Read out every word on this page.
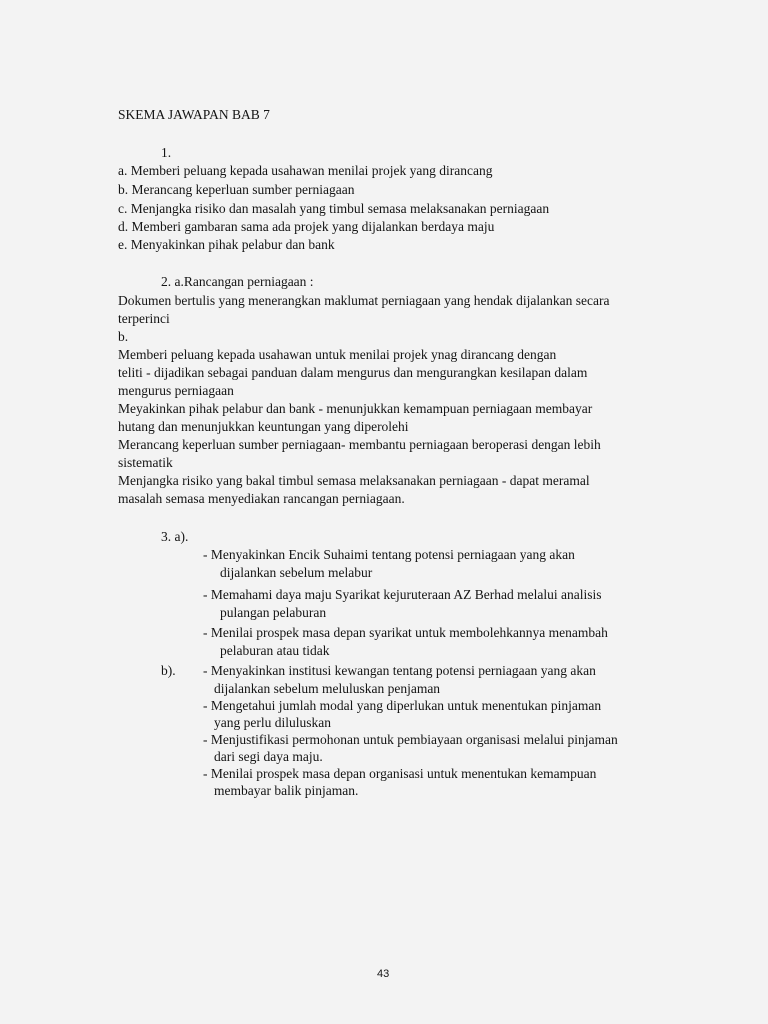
SKEMA JAWAPAN BAB 7
1.
a. Memberi peluang kepada usahawan menilai projek yang dirancang
b. Merancang keperluan sumber perniagaan
c. Menjangka risiko dan masalah yang timbul semasa melaksanakan perniagaan
d. Memberi gambaran sama ada projek yang dijalankan berdaya maju
e. Menyakinkan pihak pelabur dan bank
2. a.Rancangan perniagaan :
Dokumen bertulis yang menerangkan maklumat perniagaan yang hendak dijalankan secara
terperinci
b.
Memberi peluang kepada usahawan untuk menilai projek ynag dirancang dengan
teliti - dijadikan sebagai panduan dalam mengurus dan mengurangkan kesilapan dalam
mengurus perniagaan
Meyakinkan pihak pelabur dan bank - menunjukkan kemampuan perniagaan membayar
hutang dan menunjukkan keuntungan yang diperolehi
Merancang keperluan sumber perniagaan- membantu perniagaan beroperasi dengan lebih
sistematik
Menjangka risiko yang bakal timbul semasa melaksanakan perniagaan - dapat meramal
masalah semasa menyediakan rancangan perniagaan.
3. a).
- Menyakinkan Encik Suhaimi tentang potensi perniagaan yang akan
dijalankan sebelum melabur
- Memahami daya maju Syarikat kejuruteraan AZ Berhad melalui analisis
pulangan pelaburan
- Menilai prospek masa depan syarikat untuk membolehkannya menambah
pelaburan atau tidak
b). - Menyakinkan institusi kewangan tentang potensi perniagaan yang akan
dijalankan sebelum meluluskan penjaman
- Mengetahui jumlah modal yang diperlukan untuk menentukan pinjaman
yang perlu diluluskan
- Menjustifikasi permohonan untuk pembiayaan organisasi melalui pinjaman
dari segi daya maju.
- Menilai prospek masa depan organisasi untuk menentukan kemampuan
membayar balik pinjaman.
43
